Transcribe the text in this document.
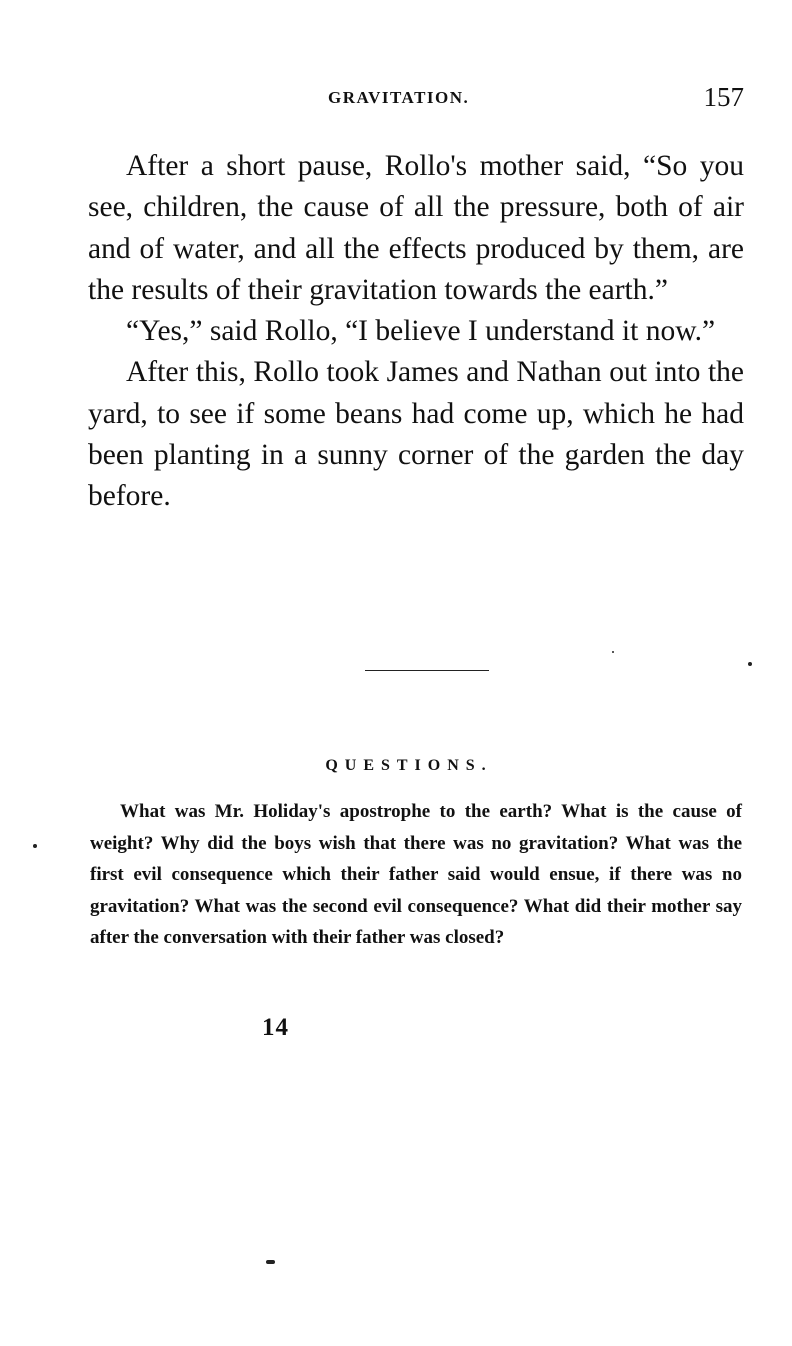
GRAVITATION.	157

After a short pause, Rollo's mother said, “So you see, children, the cause of all the pressure, both of air and of water, and all the effects produced by them, are the results of their gravitation towards the earth.”

“Yes,” said Rollo, “I believe I understand it now.”

After this, Rollo took James and Nathan out into the yard, to see if some beans had come up, which he had been planting in a sunny corner of the garden the day before.

QUESTIONS.

What was Mr. Holiday's apostrophe to the earth? What is the cause of weight? Why did the boys wish that there was no gravitation? What was the first evil consequence which their father said would ensue, if there was no gravitation? What was the second evil consequence? What did their mother say after the conversation with their father was closed?

14
